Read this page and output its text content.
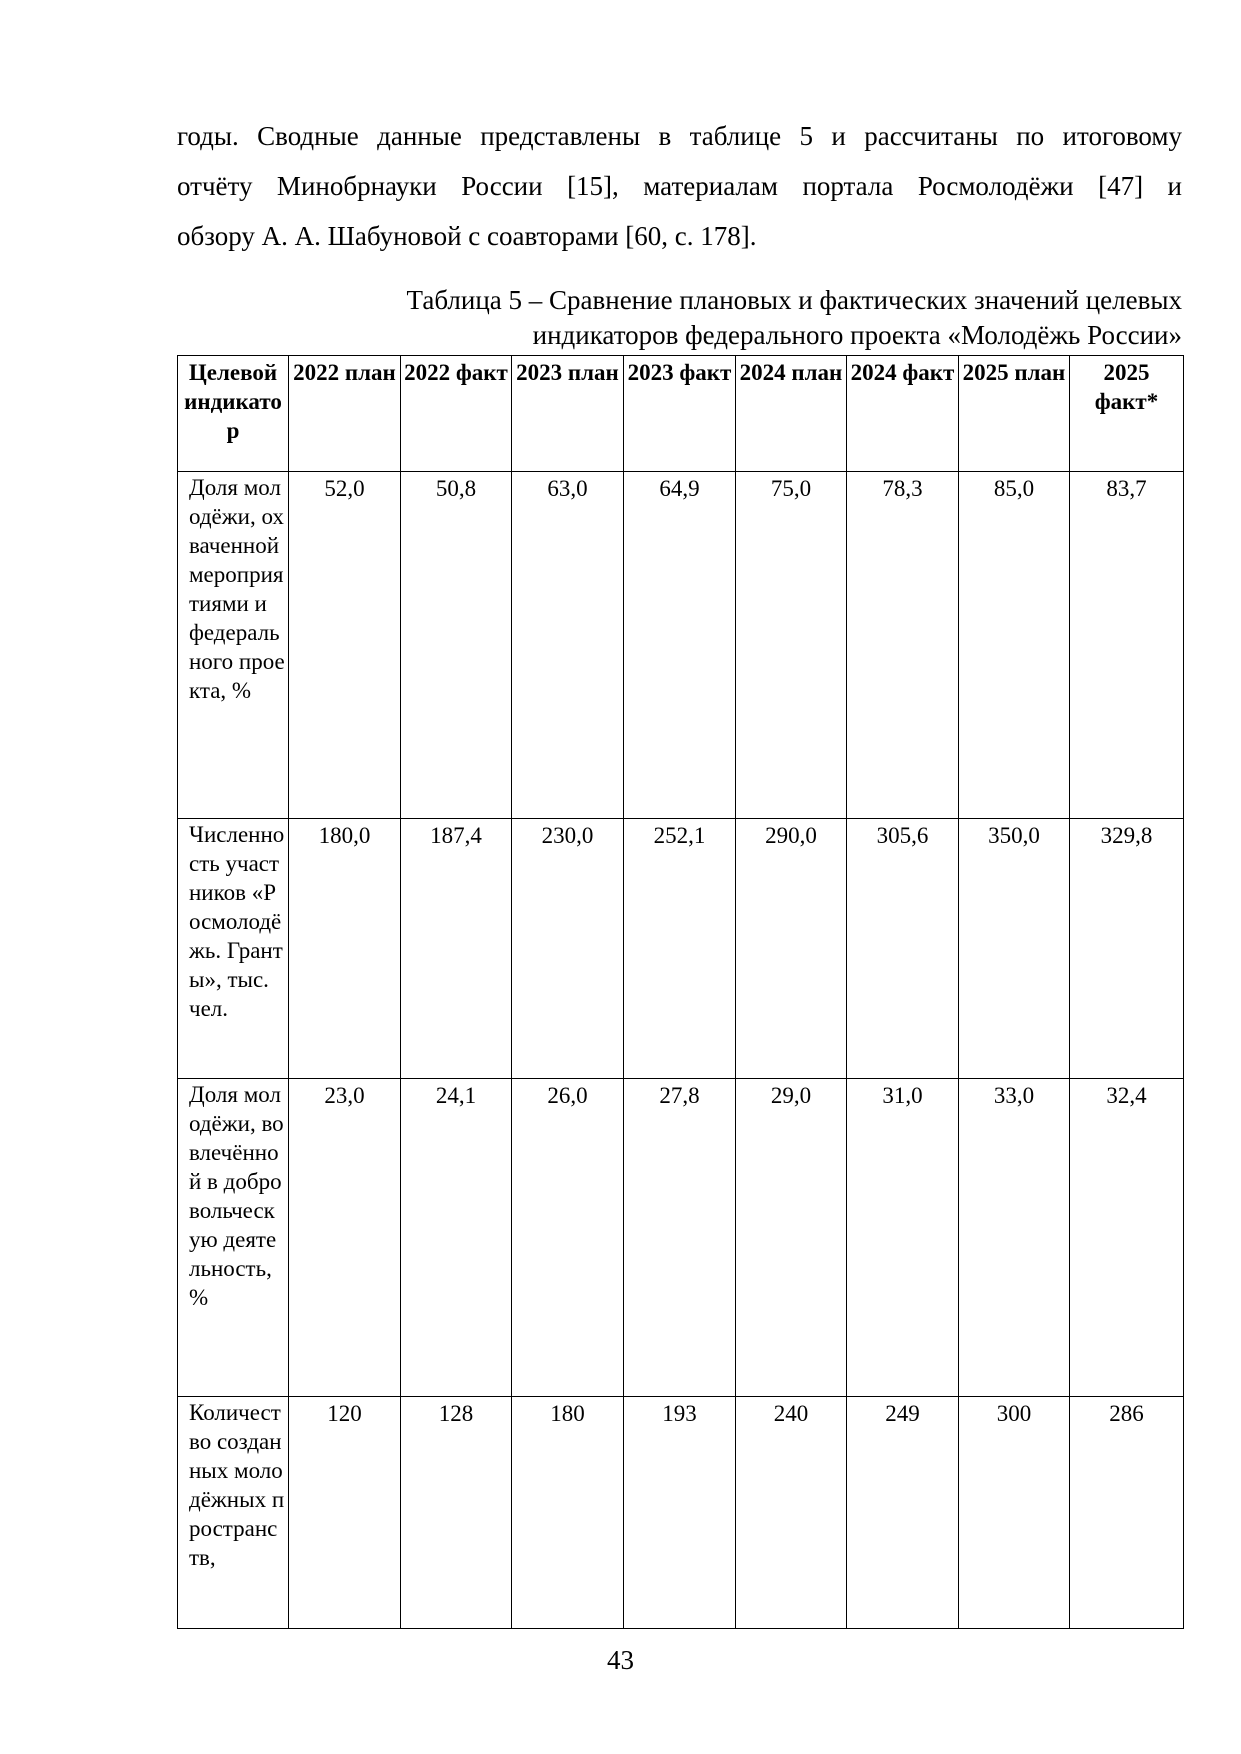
годы. Сводные данные представлены в таблице 5 и рассчитаны по итоговому
отчёту Минобрнауки России [15], материалам портала Росмолодёжи [47] и
обзору А. А. Шабуновой с соавторами [60, с. 178].

Таблица 5 – Сравнение плановых и фактических значений целевых
индикаторов федерального проекта «Молодёжь России»

Целевой индикатор	2022 план	2022 факт	2023 план	2023 факт	2024 план	2024 факт	2025 план	2025 факт*
Доля молодёжи, охваченной мероприятиями и федерального проекта, %	52,0	50,8	63,0	64,9	75,0	78,3	85,0	83,7
Численность участников «Росмолодёжь. Гранты», тыс. чел.	180,0	187,4	230,0	252,1	290,0	305,6	350,0	329,8
Доля молодёжи, вовлечённой в добровольческую деятельность, %	23,0	24,1	26,0	27,8	29,0	31,0	33,0	32,4
Количество созданных молодёжных пространств,	120	128	180	193	240	249	300	286
43
